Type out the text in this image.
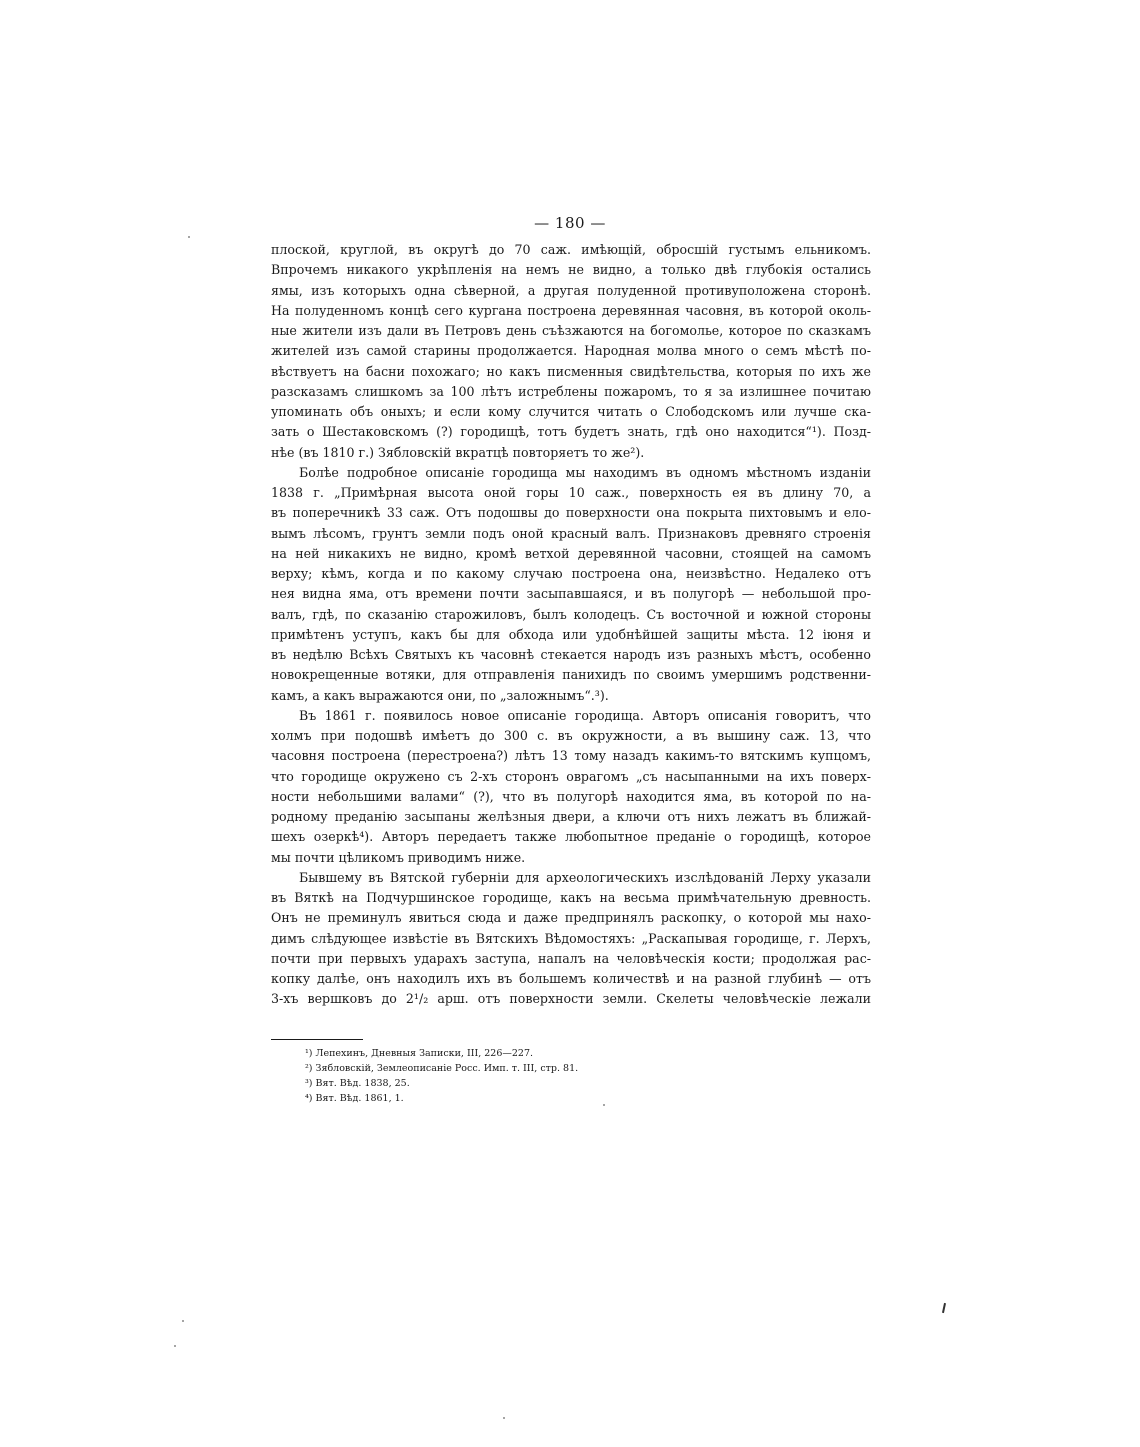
— 180 —
плоской, круглой, въ округѣ до 70 саж. имѣющій, обросшій густымъ ельникомъ.
Впрочемъ никакого укрѣпленія на немъ не видно, а только двѣ глубокія остались
ямы, изъ которыхъ одна сѣверной, а другая полуденной противуположена сторонѣ.
На полуденномъ концѣ сего кургана построена деревянная часовня, въ которой околь-
ные жители изъ дали въ Петровъ день съѣзжаются на богомолье, которое по сказкамъ
жителей изъ самой старины продолжается. Народная молва много о семъ мѣстѣ по-
вѣствуетъ на басни похожаго; но какъ писменныя свидѣтельства, которыя по ихъ же
разсказамъ слишкомъ за 100 лѣтъ истреблены пожаромъ, то я за излишнее почитаю
упоминать объ оныхъ; и если кому случится читать о Слободскомъ или лучше ска-
зать о Шестаковскомъ (?) городищѣ, тотъ будетъ знать, гдѣ оно находится“¹). Позд-
нѣе (въ 1810 г.) Зябловскій вкратцѣ повторяетъ то же²).
Болѣе подробное описаніе городища мы находимъ въ одномъ мѣстномъ изданіи
1838 г. „Примѣрная высота оной горы 10 саж., поверхность ея въ длину 70, а
въ поперечникѣ 33 саж. Отъ подошвы до поверхности она покрыта пихтовымъ и ело-
вымъ лѣсомъ, грунтъ земли подъ оной красный валъ. Признаковъ древняго строенія
на ней никакихъ не видно, кромѣ ветхой деревянной часовни, стоящей на самомъ
верху; кѣмъ, когда и по какому случаю построена она, неизвѣстно. Недалеко отъ
нея видна яма, отъ времени почти засыпавшаяся, и въ полугорѣ — небольшой про-
валъ, гдѣ, по сказанію старожиловъ, былъ колодецъ. Съ восточной и южной стороны
примѣтенъ уступъ, какъ бы для обхода или удобнѣйшей защиты мѣста. 12 іюня и
въ недѣлю Всѣхъ Святыхъ къ часовнѣ стекается народъ изъ разныхъ мѣстъ, особенно
новокрещенные вотяки, для отправленія панихидъ по своимъ умершимъ родственни-
камъ, а какъ выражаются они, по „заложнымъ“.³).
Въ 1861 г. появилось новое описаніе городища. Авторъ описанія говоритъ, что
холмъ при подошвѣ имѣетъ до 300 с. въ окружности, а въ вышину саж. 13, что
часовня построена (перестроена?) лѣтъ 13 тому назадъ какимъ-то вятскимъ купцомъ,
что городище окружено съ 2-хъ сторонъ оврагомъ „съ насыпанными на ихъ поверх-
ности небольшими валами“ (?), что въ полугорѣ находится яма, въ которой по на-
родному преданію засыпаны желѣзныя двери, а ключи отъ нихъ лежатъ въ ближай-
шехъ озеркѣ⁴). Авторъ передаетъ также любопытное преданіе о городищѣ, которое
мы почти цѣликомъ приводимъ ниже.
Бывшему въ Вятской губерніи для археологическихъ изслѣдованій Лерху указали
въ Вяткѣ на Подчуршинское городище, какъ на весьма примѣчательную древность.
Онъ не преминулъ явиться сюда и даже предпринялъ раскопку, о которой мы нахо-
димъ слѣдующее извѣстіе въ Вятскихъ Вѣдомостяхъ: „Раскапывая городище, г. Лерхъ,
почти при первыхъ ударахъ заступа, напалъ на человѣческія кости; продолжая рас-
копку далѣе, онъ находилъ ихъ въ большемъ количествѣ и на разной глубинѣ — отъ
3-хъ вершковъ до 2¹/₂ арш. отъ поверхности земли. Скелеты человѣческіе лежали
¹) Лепехинъ, Дневныя Записки, III, 226—227.
²) Зябловскій, Землеописаніе Росс. Имп. т. III, стр. 81.
³) Вят. Вѣд. 1838, 25.
⁴) Вят. Вѣд. 1861, 1.
